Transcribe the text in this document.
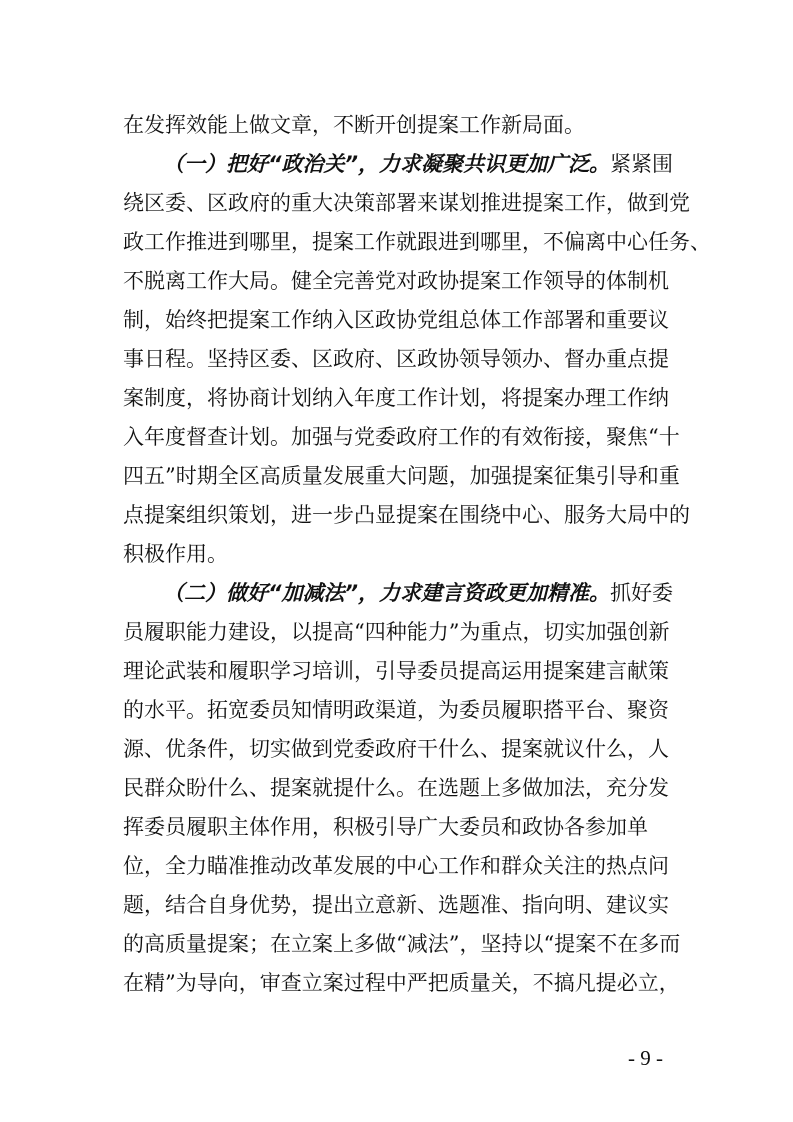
在发挥效能上做文章，不断开创提案工作新局面。
（一）把好“政治关”，力求凝聚共识更加广泛。紧紧围
绕区委、区政府的重大决策部署来谋划推进提案工作，做到党
政工作推进到哪里，提案工作就跟进到哪里，不偏离中心任务、
不脱离工作大局。健全完善党对政协提案工作领导的体制机
制，始终把提案工作纳入区政协党组总体工作部署和重要议
事日程。坚持区委、区政府、区政协领导领办、督办重点提
案制度，将协商计划纳入年度工作计划，将提案办理工作纳
入年度督查计划。加强与党委政府工作的有效衔接，聚焦“十
四五”时期全区高质量发展重大问题，加强提案征集引导和重
点提案组织策划，进一步凸显提案在围绕中心、服务大局中的
积极作用。
（二）做好“加减法”，力求建言资政更加精准。抓好委
员履职能力建设，以提高“四种能力”为重点，切实加强创新
理论武装和履职学习培训，引导委员提高运用提案建言献策
的水平。拓宽委员知情明政渠道，为委员履职搭平台、聚资
源、优条件，切实做到党委政府干什么、提案就议什么，人
民群众盼什么、提案就提什么。在选题上多做加法，充分发
挥委员履职主体作用，积极引导广大委员和政协各参加单
位，全力瞄准推动改革发展的中心工作和群众关注的热点问
题，结合自身优势，提出立意新、选题准、指向明、建议实
的高质量提案；在立案上多做“减法”，坚持以“提案不在多而
在精”为导向，审查立案过程中严把质量关，不搞凡提必立，
- 9 -
